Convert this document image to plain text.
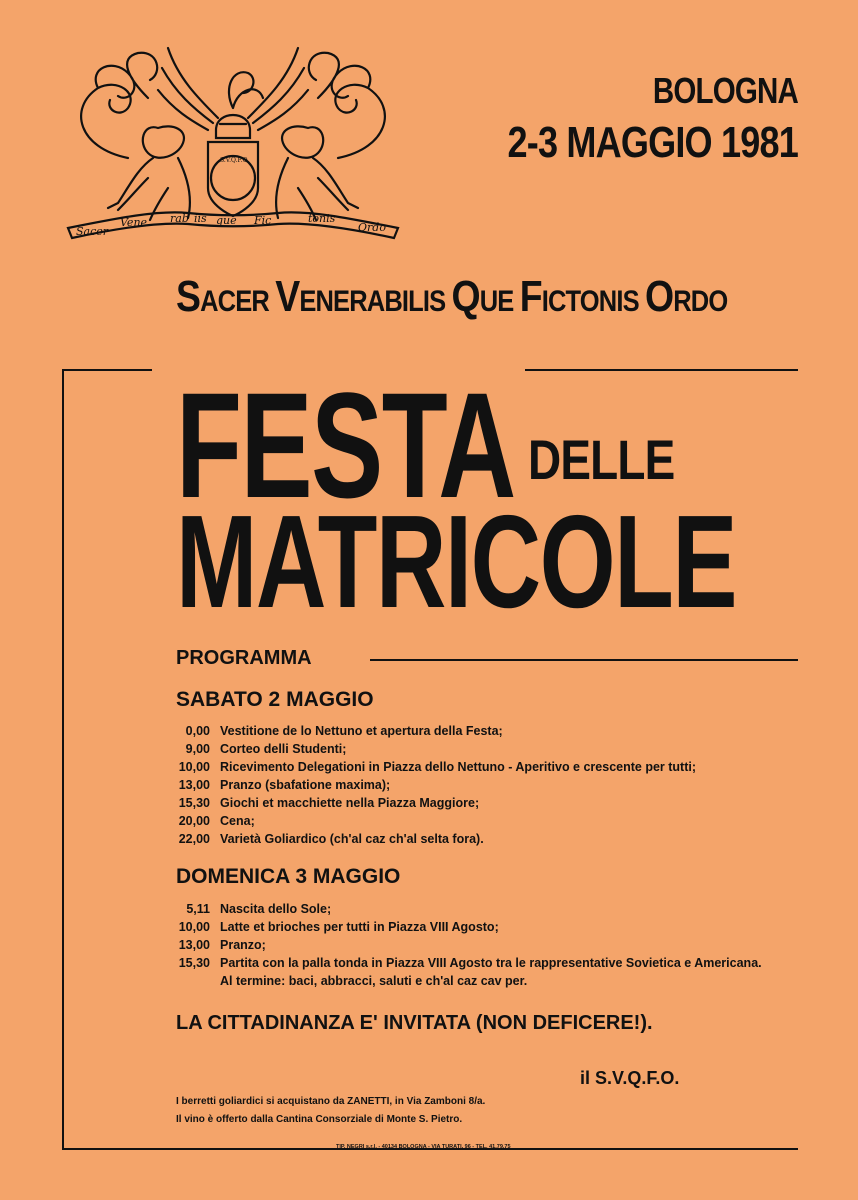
Sacer
Vene rab iis que Fic	tonis
Ordo
S.V.Q.F.O.
BOLOGNA
2-3 MAGGIO 1981
SACER VENERABILIS QUE FICTONIS ORDO
FESTA DELLE
MATRICOLE
PROGRAMMA
SABATO 2 MAGGIO
0,00 Vestitione de lo Nettuno et apertura della Festa;
9,00 Corteo delli Studenti;
10,00 Ricevimento Delegationi in Piazza dello Nettuno - Aperitivo e crescente per tutti;
13,00 Pranzo (sbafatione maxima);
15,30 Giochi et macchiette nella Piazza Maggiore;
20,00 Cena;
22,00 Varietà Goliardico (ch'al caz ch'al selta fora).
DOMENICA 3 MAGGIO
5,11 Nascita dello Sole;
10,00 Latte et brioches per tutti in Piazza VIII Agosto;
13,00 Pranzo;
15,30 Partita con la palla tonda in Piazza VIII Agosto tra le rappresentative Sovietica e Americana.
Al termine: baci, abbracci, saluti e ch'al caz cav per.
LA CITTADINANZA E' INVITATA (NON DEFICERE!).
il S.V.Q.F.O.
I berretti goliardici si acquistano da ZANETTI, in Via Zamboni 8/a.
Il vino è offerto dalla Cantina Consorziale di Monte S. Pietro.
TIP. NEGRI s.r.l. - 40134 BOLOGNA - VIA TURATI, 96 - TEL. 41.79.75
